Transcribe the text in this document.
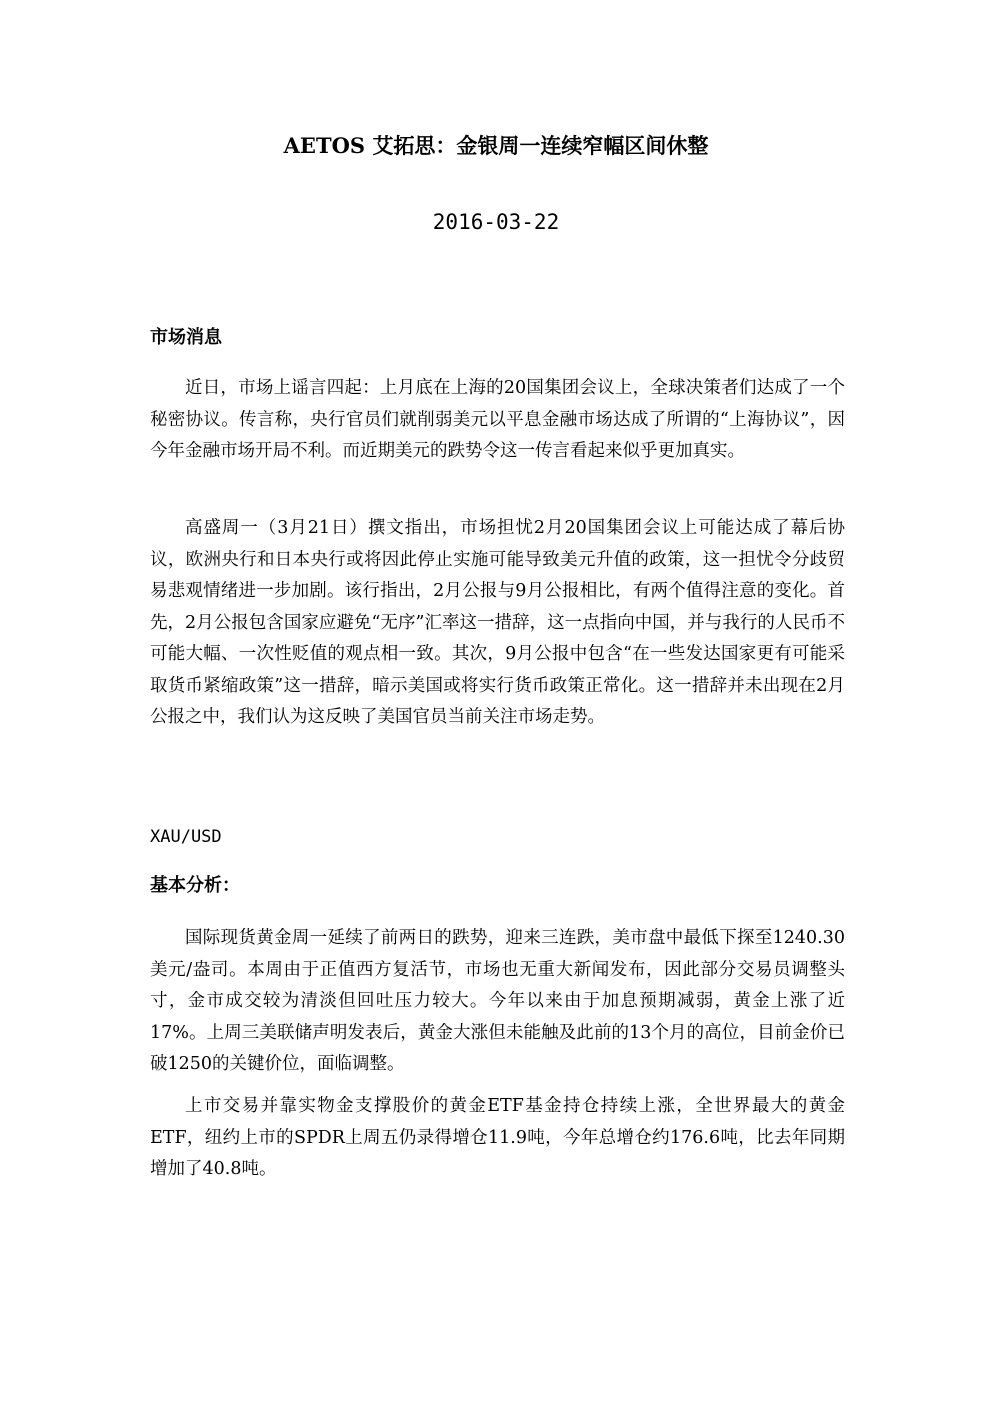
AETOS 艾拓思：金银周一连续窄幅区间休整
2016-03-22
市场消息

近日，市场上谣言四起：上月底在上海的20国集团会议上，全球决策者们达成了一个秘密协议。传言称，央行官员们就削弱美元以平息金融市场达成了所谓的“上海协议”，因今年金融市场开局不利。而近期美元的跌势令这一传言看起来似乎更加真实。

高盛周一（3月21日）撰文指出，市场担忧2月20国集团会议上可能达成了幕后协议，欧洲央行和日本央行或将因此停止实施可能导致美元升值的政策，这一担忧令分歧贸易悲观情绪进一步加剧。该行指出，2月公报与9月公报相比，有两个值得注意的变化。首先，2月公报包含国家应避免“无序”汇率这一措辞，这一点指向中国，并与我行的人民币不可能大幅、一次性贬值的观点相一致。其次，9月公报中包含“在一些发达国家更有可能采取货币紧缩政策”这一措辞，暗示美国或将实行货币政策正常化。这一措辞并未出现在2月公报之中，我们认为这反映了美国官员当前关注市场走势。

XAU/USD
基本分析：

国际现货黄金周一延续了前两日的跌势，迎来三连跌，美市盘中最低下探至1240.30美元/盎司。本周由于正值西方复活节，市场也无重大新闻发布，因此部分交易员调整头寸，金市成交较为清淡但回吐压力较大。今年以来由于加息预期减弱，黄金上涨了近17%。上周三美联储声明发表后，黄金大涨但未能触及此前的13个月的高位，目前金价已破1250的关键价位，面临调整。

上市交易并靠实物金支撑股价的黄金ETF基金持仓持续上涨，全世界最大的黄金ETF，纽约上市的SPDR上周五仍录得增仓11.9吨，今年总增仓约176.6吨，比去年同期增加了40.8吨。
